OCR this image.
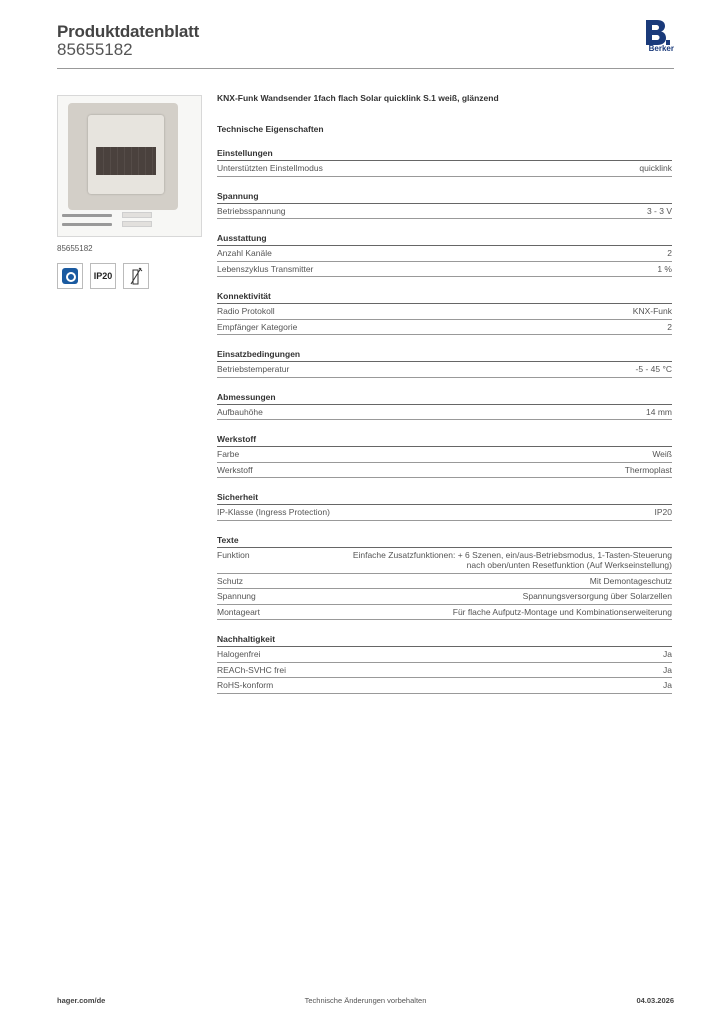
Produktdatenblatt
85655182	Berker
85655182
IP20
KNX-Funk Wandsender 1fach flach Solar quicklink S.1 weiß, glänzend
Technische Eigenschaften
Einstellungen
Unterstützten Einstellmodus	quicklink
Spannung
Betriebsspannung	3 - 3 V
Ausstattung
Anzahl Kanäle	2
Lebenszyklus Transmitter	1 %
Konnektivität
Radio Protokoll	KNX-Funk
Empfänger Kategorie	2
Einsatzbedingungen
Betriebstemperatur	-5 - 45 °C
Abmessungen
Aufbauhöhe	14 mm
Werkstoff
Farbe	Weiß
Werkstoff	Thermoplast
Sicherheit
IP-Klasse (Ingress Protection)	IP20
Texte
Funktion	Einfache Zusatzfunktionen: + 6 Szenen, ein/aus-Betriebsmodus, 1-Tasten-Steuerung nach oben/unten Resetfunktion (Auf Werkseinstellung)
Schutz	Mit Demontageschutz
Spannung	Spannungsversorgung über Solarzellen
Montageart	Für flache Aufputz-Montage und Kombinationserweiterung
Nachhaltigkeit
Halogenfrei	Ja
REACh-SVHC frei	Ja
RoHS-konform	Ja
hager.com/de	Technische Änderungen vorbehalten	04.03.2026
